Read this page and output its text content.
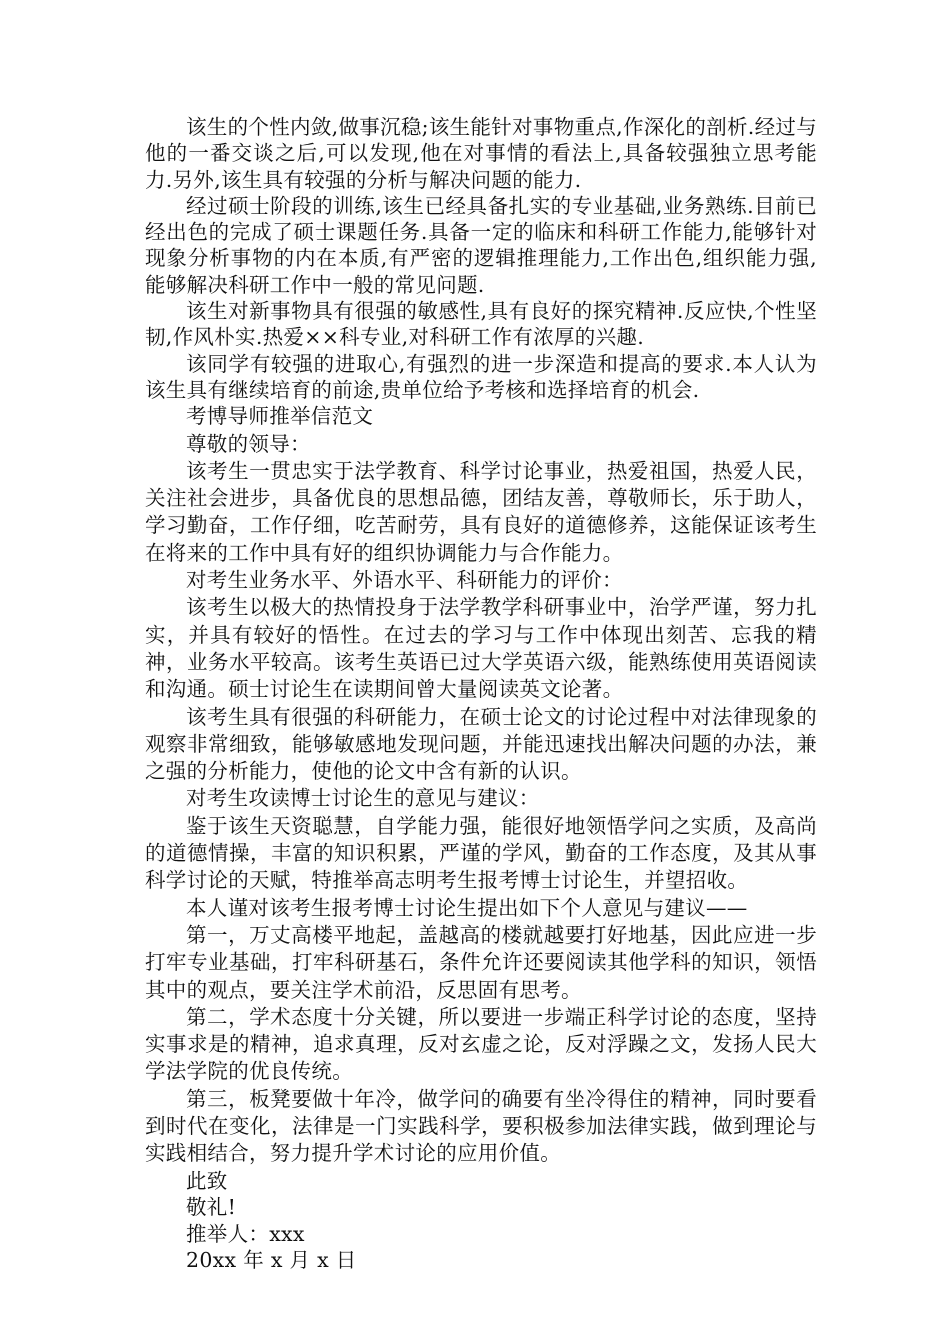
该生的个性内敛,做事沉稳;该生能针对事物重点,作深化的剖析.经过与他的一番交谈之后,可以发现,他在对事情的看法上,具备较强独立思考能力.另外,该生具有较强的分析与解决问题的能力.

经过硕士阶段的训练,该生已经具备扎实的专业基础,业务熟练.目前已经出色的完成了硕士课题任务.具备一定的临床和科研工作能力,能够针对现象分析事物的内在本质,有严密的逻辑推理能力,工作出色,组织能力强,能够解决科研工作中一般的常见问题.

该生对新事物具有很强的敏感性,具有良好的探究精神.反应快,个性坚韧,作风朴实.热爱××科专业,对科研工作有浓厚的兴趣.

该同学有较强的进取心,有强烈的进一步深造和提高的要求.本人认为该生具有继续培育的前途,贵单位给予考核和选择培育的机会.

考博导师推举信范文

尊敬的领导：

该考生一贯忠实于法学教育、科学讨论事业，热爱祖国，热爱人民，关注社会进步，具备优良的思想品德，团结友善，尊敬师长，乐于助人，学习勤奋，工作仔细，吃苦耐劳，具有良好的道德修养，这能保证该考生在将来的工作中具有好的组织协调能力与合作能力。

对考生业务水平、外语水平、科研能力的评价：

该考生以极大的热情投身于法学教学科研事业中，治学严谨，努力扎实，并具有较好的悟性。在过去的学习与工作中体现出刻苦、忘我的精神，业务水平较高。该考生英语已过大学英语六级，能熟练使用英语阅读和沟通。硕士讨论生在读期间曾大量阅读英文论著。

该考生具有很强的科研能力，在硕士论文的讨论过程中对法律现象的观察非常细致，能够敏感地发现问题，并能迅速找出解决问题的办法，兼之强的分析能力，使他的论文中含有新的认识。

对考生攻读博士讨论生的意见与建议：

鉴于该生天资聪慧，自学能力强，能很好地领悟学问之实质，及高尚的道德情操，丰富的知识积累，严谨的学风，勤奋的工作态度，及其从事科学讨论的天赋，特推举高志明考生报考博士讨论生，并望招收。

本人谨对该考生报考博士讨论生提出如下个人意见与建议——

第一，万丈高楼平地起，盖越高的楼就越要打好地基，因此应进一步打牢专业基础，打牢科研基石，条件允许还要阅读其他学科的知识，领悟其中的观点，要关注学术前沿，反思固有思考。

第二，学术态度十分关键，所以要进一步端正科学讨论的态度，坚持实事求是的精神，追求真理，反对玄虚之论，反对浮躁之文，发扬人民大学法学院的优良传统。

第三，板凳要做十年冷，做学问的确要有坐冷得住的精神，同时要看到时代在变化，法律是一门实践科学，要积极参加法律实践，做到理论与实践相结合，努力提升学术讨论的应用价值。

此致

敬礼!

推举人：xxx

20xx 年 x 月 x 日
